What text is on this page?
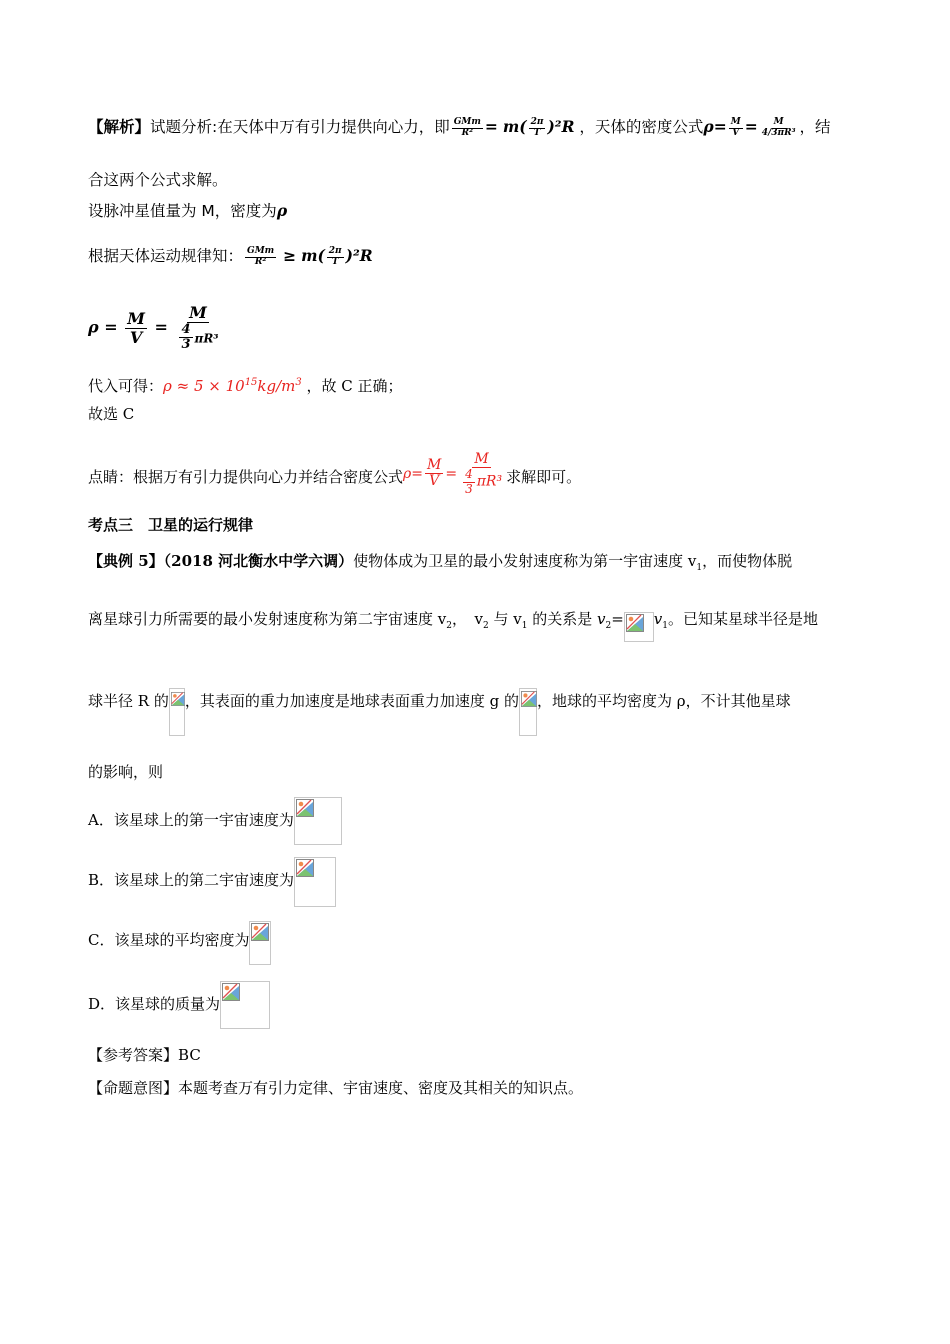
【解析】试题分析:在天体中万有引力提供向心力，即 $\frac{\text{GMm}}{\text{R²}} = m( \frac{2\pi}{T} )^2R$ ，天体的密度公式$\rho= \frac{M}{V} = \frac{M}{\text{4/3πR³}}$ ，结
合这两个公式求解。
设脉冲星值量为 M，密度为ρ
根据天体运动规律知： $\frac{\text{GMm}}{\text{R²}} \ge m( \frac{2\pi}{T} )^2R$
$\rho = \frac{M}{V} = \frac{M}{\frac{4}{3} \pi R^3}$
代入可得：$\rho \approx 5 \times 10^{15}kg/m^3$ ，故 C 正确；
故选 C
点睛：根据万有引力提供向心力并结合密度公式$\rho= \frac{M}{V} = \frac{M}{\frac{4}{3} \pi R^3}$ 求解即可。
考点三　卫星的运行规律
【典例 5】（2018 河北衡水中学六调）使物体成为卫星的最小发射速度称为第一宇宙速度 $v_1$，而使物体脱
离星球引力所需要的最小发射速度称为第二宇宙速度 $v_2$，　$v_2$ 与 $v_1$ 的关系是 $v_2= v_1$。已知某星球半径是地
球半径 R 的 ，其表面的重力加速度是地球表面重力加速度 g 的 ，地球的平均密度为 ρ，不计其他星球
的影响，则
A．该星球上的第一宇宙速度为
B．该星球上的第二宇宙速度为
C．该星球的平均密度为
D．该星球的质量为
【参考答案】BC
【命题意图】本题考查万有引力定律、宇宙速度、密度及其相关的知识点。
